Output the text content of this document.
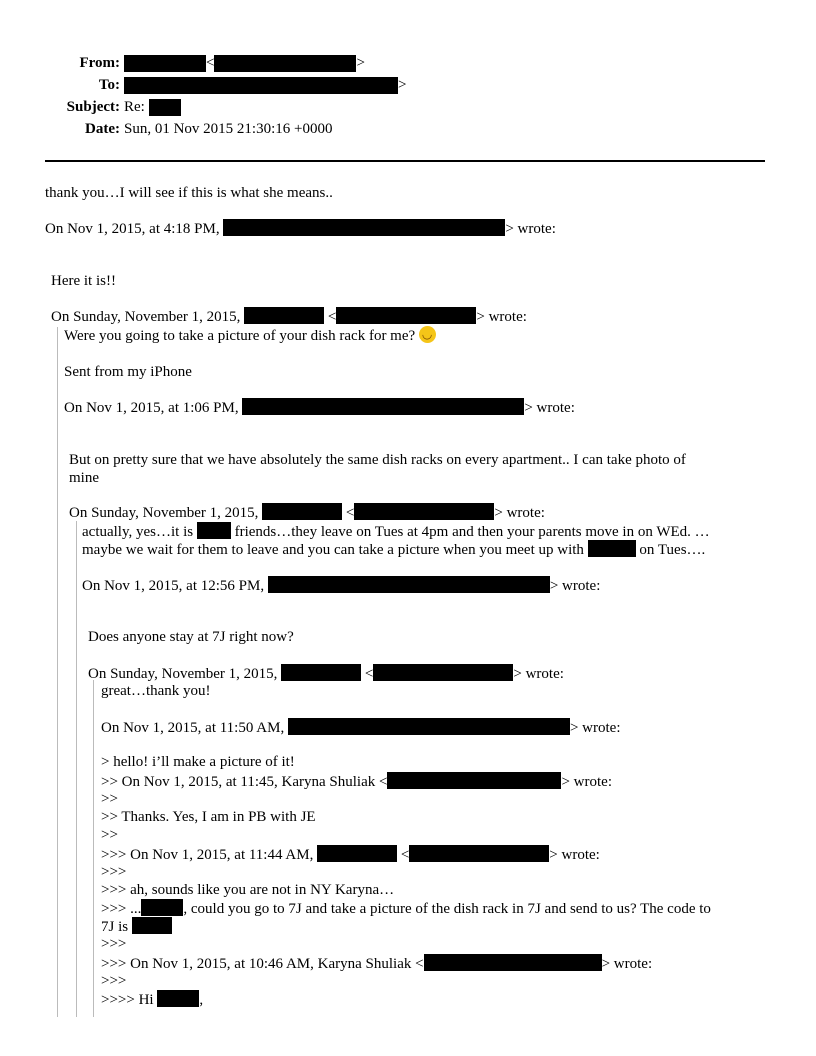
From:	<	>
To:	>
Subject: Re:

Date: Sun, 01 Nov 2015 21:30:16 +0000
thank you…I will see if this is what she means..
On Nov 1, 2015, at 4:18 PM,	> wrote:
Here it is!!
On Sunday, November 1, 2015,	<	> wrote:
Were you going to take a picture of your dish rack for me? ◡
Sent from my iPhone
On Nov 1, 2015, at 1:06 PM,	> wrote:
But on pretty sure that we have absolutely the same dish racks on every apartment.. I can take photo of
mine
On Sunday, November 1, 2015,	<	> wrote:
actually, yes…it is	friends…they leave on Tues at 4pm and then your parents move in on WEd. …
maybe we wait for them to leave and you can take a picture when you meet up with	on Tues….
On Nov 1, 2015, at 12:56 PM,	> wrote:
Does anyone stay at 7J right now?
On Sunday, November 1, 2015,	<	> wrote:
great…thank you!
On Nov 1, 2015, at 11:50 AM,	> wrote:
> hello! i’ll make a picture of it!
>> On Nov 1, 2015, at 11:45, Karyna Shuliak <	> wrote:
>>
>> Thanks. Yes, I am in PB with JE
>>
>>> On Nov 1, 2015, at 11:44 AM,	<	> wrote:
>>>
>>> ah, sounds like you are not in NY Karyna…
>>> ...	, could you go to 7J and take a picture of the dish rack in 7J and send to us? The code to
7J is
>>>
>>> On Nov 1, 2015, at 10:46 AM, Karyna Shuliak <	> wrote:
>>>
>>>> Hi	,
